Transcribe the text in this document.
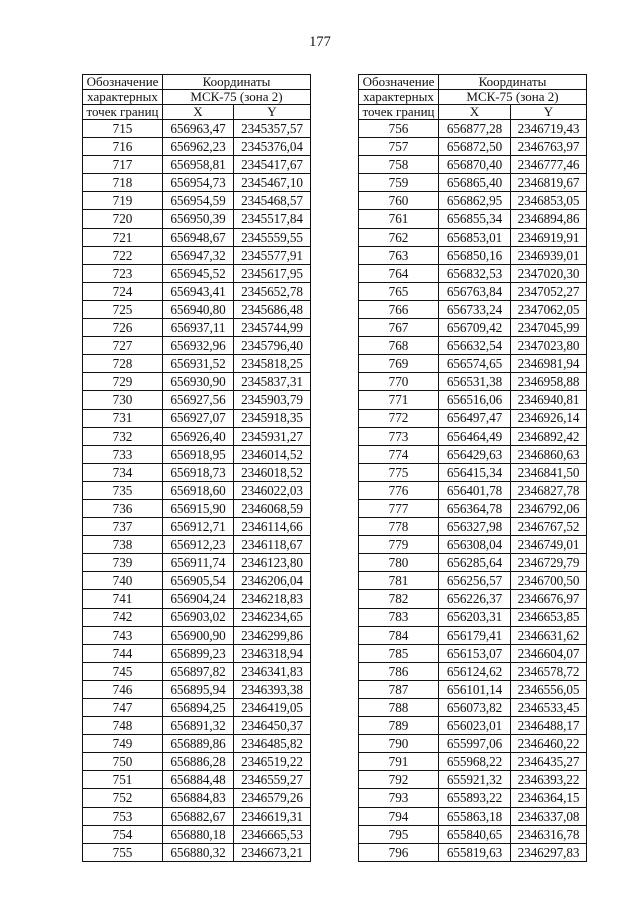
177
Обозначение	Координаты	
характерных	МСК-75 (зона 2)	
точек границ	X	Y
715	656963,47	2345357,57
716	656962,23	2345376,04
717	656958,81	2345417,67
718	656954,73	2345467,10
719	656954,59	2345468,57
720	656950,39	2345517,84
721	656948,67	2345559,55
722	656947,32	2345577,91
723	656945,52	2345617,95
724	656943,41	2345652,78
725	656940,80	2345686,48
726	656937,11	2345744,99
727	656932,96	2345796,40
728	656931,52	2345818,25
729	656930,90	2345837,31
730	656927,56	2345903,79
731	656927,07	2345918,35
732	656926,40	2345931,27
733	656918,95	2346014,52
734	656918,73	2346018,52
735	656918,60	2346022,03
736	656915,90	2346068,59
737	656912,71	2346114,66
738	656912,23	2346118,67
739	656911,74	2346123,80
740	656905,54	2346206,04
741	656904,24	2346218,83
742	656903,02	2346234,65
743	656900,90	2346299,86
744	656899,23	2346318,94
745	656897,82	2346341,83
746	656895,94	2346393,38
747	656894,25	2346419,05
748	656891,32	2346450,37
749	656889,86	2346485,82
750	656886,28	2346519,22
751	656884,48	2346559,27
752	656884,83	2346579,26
753	656882,67	2346619,31
754	656880,18	2346665,53
755	656880,32	2346673,21
Обозначение	Координаты	
характерных	МСК-75 (зона 2)	
точек границ	X	Y
756	656877,28	2346719,43
757	656872,50	2346763,97
758	656870,40	2346777,46
759	656865,40	2346819,67
760	656862,95	2346853,05
761	656855,34	2346894,86
762	656853,01	2346919,91
763	656850,16	2346939,01
764	656832,53	2347020,30
765	656763,84	2347052,27
766	656733,24	2347062,05
767	656709,42	2347045,99
768	656632,54	2347023,80
769	656574,65	2346981,94
770	656531,38	2346958,88
771	656516,06	2346940,81
772	656497,47	2346926,14
773	656464,49	2346892,42
774	656429,63	2346860,63
775	656415,34	2346841,50
776	656401,78	2346827,78
777	656364,78	2346792,06
778	656327,98	2346767,52
779	656308,04	2346749,01
780	656285,64	2346729,79
781	656256,57	2346700,50
782	656226,37	2346676,97
783	656203,31	2346653,85
784	656179,41	2346631,62
785	656153,07	2346604,07
786	656124,62	2346578,72
787	656101,14	2346556,05
788	656073,82	2346533,45
789	656023,01	2346488,17
790	655997,06	2346460,22
791	655968,22	2346435,27
792	655921,32	2346393,22
793	655893,22	2346364,15
794	655863,18	2346337,08
795	655840,65	2346316,78
796	655819,63	2346297,83
